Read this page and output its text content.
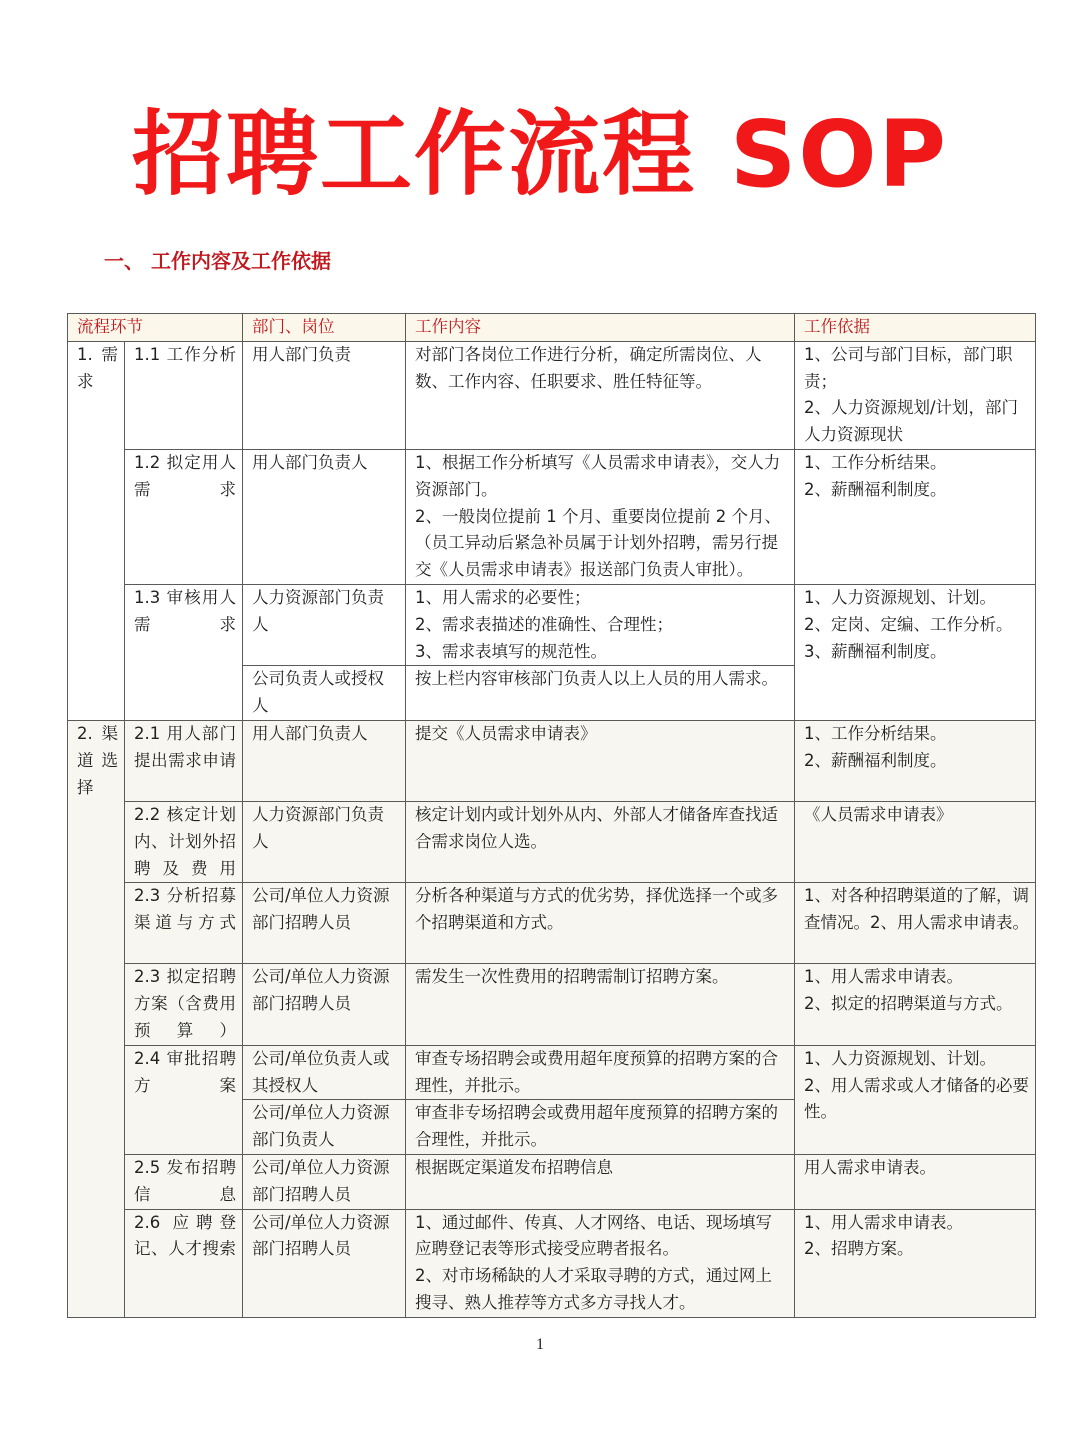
招聘工作流程 SOP
一、 工作内容及工作依据
流程环节		部门、岗位	工作内容	工作依据
1.需求	1.1 工作分析	用人部门负责	对部门各岗位工作进行分析，确定所需岗位、人数、工作内容、任职要求、胜任特征等。	1、公司与部门目标，部门职责；
2、人力资源规划/计划，部门人力资源现状

	1.2 拟定用人需求	用人部门负责人	1、根据工作分析填写《人员需求申请表》，交人力资源部门。
2、一般岗位提前 1 个月、重要岗位提前 2 个月、（员工异动后紧急补员属于计划外招聘，需另行提交《人员需求申请表》报送部门负责人审批）。	1、工作分析结果。
2、薪酬福利制度。

	1.3 审核用人需求	人力资源部门负责人	1、用人需求的必要性；
2、需求表描述的准确性、合理性；
3、需求表填写的规范性。	1、人力资源规划、计划。
2、定岗、定编、工作分析。
3、薪酬福利制度。

		公司负责人或授权人	按上栏内容审核部门负责人以上人员的用人需求。	

2.渠道选择	2.1 用人部门提出需求申请	用人部门负责人	提交《人员需求申请表》	1、工作分析结果。
2、薪酬福利制度。

	2.2 核定计划内、计划外招聘及费用	人力资源部门负责人	核定计划内或计划外从内、外部人才储备库查找适合需求岗位人选。	《人员需求申请表》

	2.3 分析招募渠道与方式	公司/单位人力资源部门招聘人员	分析各种渠道与方式的优劣势，择优选择一个或多个招聘渠道和方式。	1、对各种招聘渠道的了解，调查情况。2、用人需求申请表。

	2.3 拟定招聘方案（含费用预算）	公司/单位人力资源部门招聘人员	需发生一次性费用的招聘需制订招聘方案。	1、用人需求申请表。
2、拟定的招聘渠道与方式。

	2.4 审批招聘方案	公司/单位负责人或其授权人	审查专场招聘会或费用超年度预算的招聘方案的合理性，并批示。	1、人力资源规划、计划。
2、用人需求或人才储备的必要性。

		公司/单位人力资源部门负责人	审查非专场招聘会或费用超年度预算的招聘方案的合理性，并批示。	

	2.5 发布招聘信息	公司/单位人力资源部门招聘人员	根据既定渠道发布招聘信息	用人需求申请表。

	2.6 应聘登记、人才搜索	公司/单位人力资源部门招聘人员	1、通过邮件、传真、人才网络、电话、现场填写应聘登记表等形式接受应聘者报名。
2、对市场稀缺的人才采取寻聘的方式，通过网上搜寻、熟人推荐等方式多方寻找人才。	1、用人需求申请表。
2、招聘方案。
1
